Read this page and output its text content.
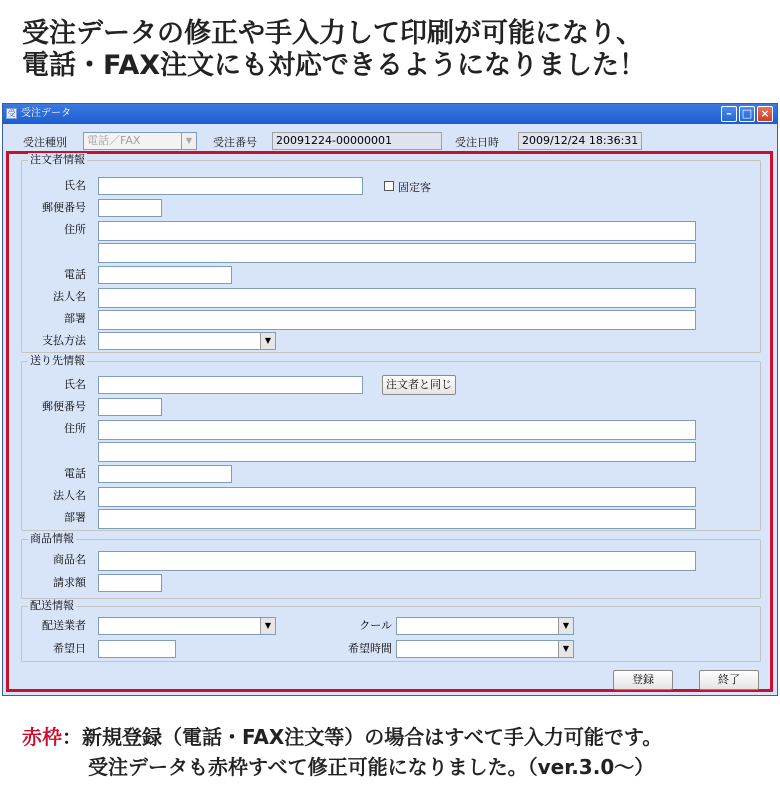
受注データの修正や手入力して印刷が可能になり、
電話・FAX注文にも対応できるようになりました！
受 受注データ	– □ ×
受注種別	電話／FAX	▼	受注番号	20091224-00000001	受注日時	2009/12/24 18:36:31
注文者情報
氏名	固定客
郵便番号
住所
電話
法人名
部署
支払方法	▼
送り先情報
氏名	注文者と同じ
郵便番号
住所
電話
法人名
部署
商品情報
商品名
請求額
配送情報
配送業者	▼	クール	▼
希望日	希望時間	▼
登録	終了
赤枠：新規登録（電話・FAX注文等）の場合はすべて手入力可能です。
受注データも赤枠すべて修正可能になりました。（ver.3.0〜）
